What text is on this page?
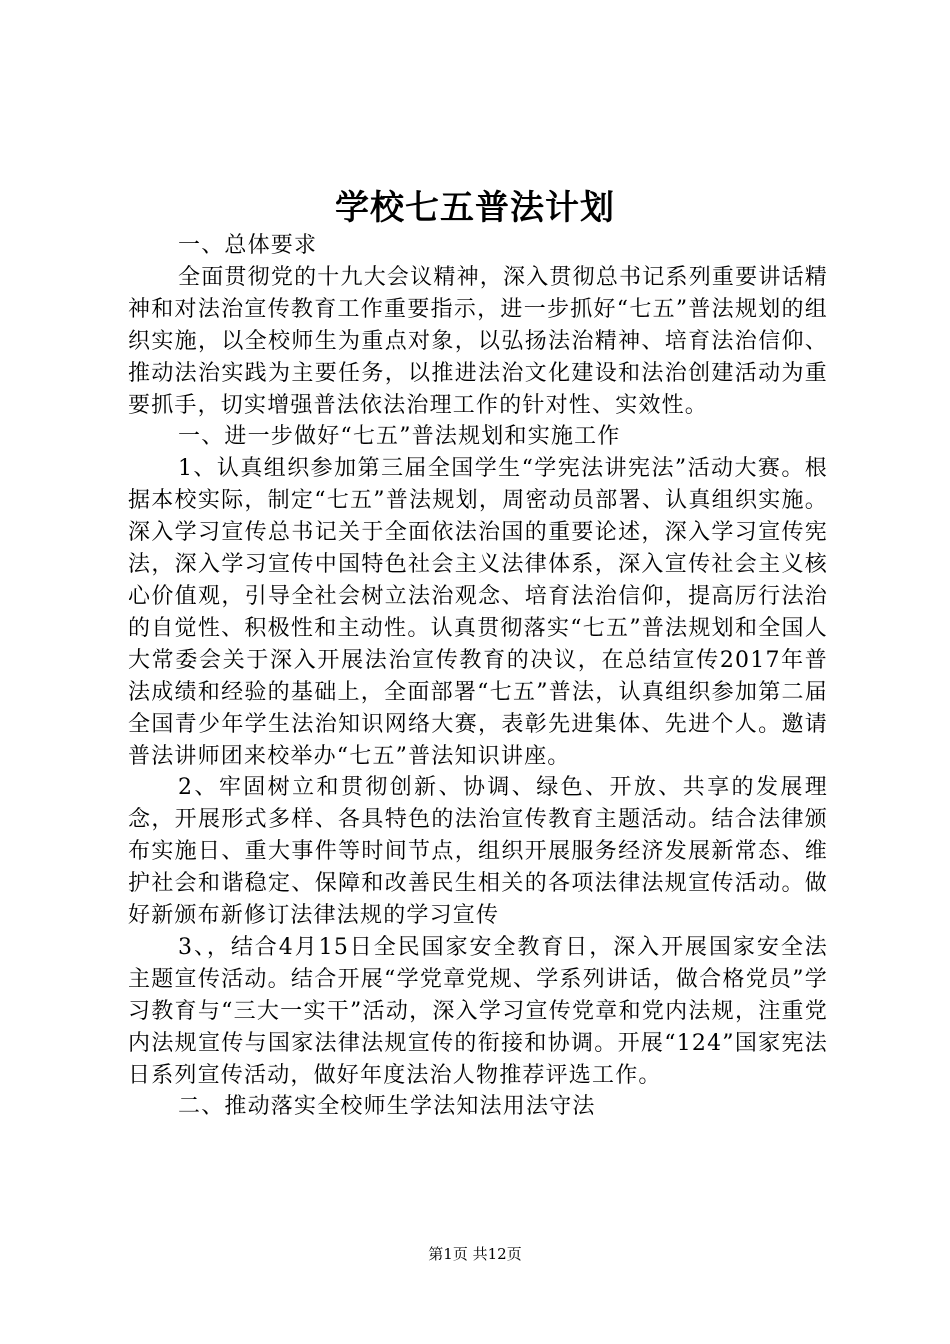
学校七五普法计划

一、总体要求

全面贯彻党的十九大会议精神，深入贯彻总书记系列重要讲话精神和对法治宣传教育工作重要指示，进一步抓好“七五”普法规划的组织实施，以全校师生为重点对象，以弘扬法治精神、培育法治信仰、推动法治实践为主要任务，以推进法治文化建设和法治创建活动为重要抓手，切实增强普法依法治理工作的针对性、实效性。

一、进一步做好“七五”普法规划和实施工作

1、认真组织参加第三届全国学生“学宪法讲宪法”活动大赛。根据本校实际，制定“七五”普法规划，周密动员部署、认真组织实施。深入学习宣传总书记关于全面依法治国的重要论述，深入学习宣传宪法，深入学习宣传中国特色社会主义法律体系，深入宣传社会主义核心价值观，引导全社会树立法治观念、培育法治信仰，提高厉行法治的自觉性、积极性和主动性。认真贯彻落实“七五”普法规划和全国人大常委会关于深入开展法治宣传教育的决议，在总结宣传2017年普法成绩和经验的基础上，全面部署“七五”普法，认真组织参加第二届全国青少年学生法治知识网络大赛，表彰先进集体、先进个人。邀请普法讲师团来校举办“七五”普法知识讲座。

2、牢固树立和贯彻创新、协调、绿色、开放、共享的发展理念，开展形式多样、各具特色的法治宣传教育主题活动。结合法律颁布实施日、重大事件等时间节点，组织开展服务经济发展新常态、维护社会和谐稳定、保障和改善民生相关的各项法律法规宣传活动。做好新颁布新修订法律法规的学习宣传

3、，结合4月15日全民国家安全教育日，深入开展国家安全法主题宣传活动。结合开展“学党章党规、学系列讲话，做合格党员”学习教育与“三大一实干”活动，深入学习宣传党章和党内法规，注重党内法规宣传与国家法律法规宣传的衔接和协调。开展“124”国家宪法日系列宣传活动，做好年度法治人物推荐评选工作。

二、推动落实全校师生学法知法用法守法

第1页 共12页
